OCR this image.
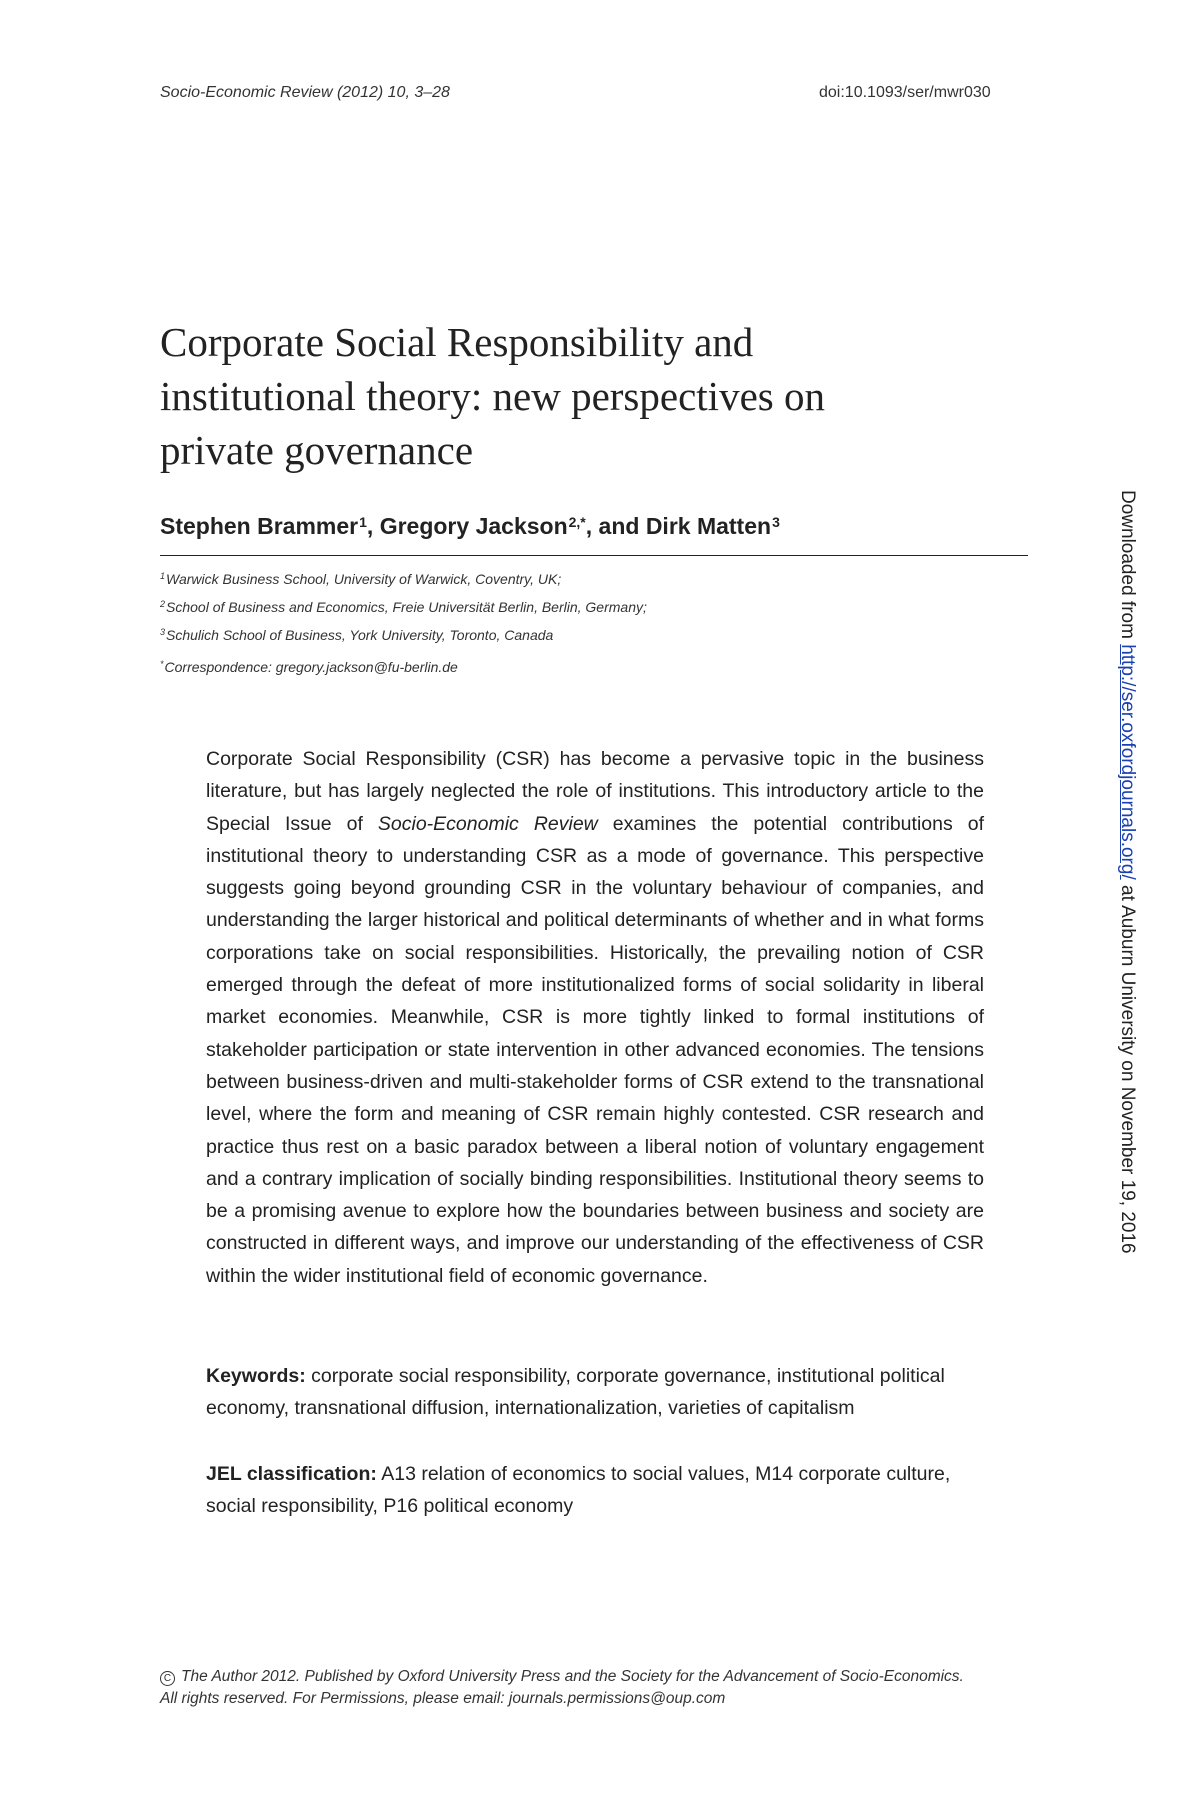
Socio-Economic Review (2012) 10, 3–28	doi:10.1093/ser/mwr030
Corporate Social Responsibility and
institutional theory: new perspectives on
private governance
Stephen Brammer$^1$, Gregory Jackson$^{2,*}$, and Dirk Matten$^3$
$^1$Warwick Business School, University of Warwick, Coventry, UK;
$^2$School of Business and Economics, Freie Universität Berlin, Berlin, Germany;
$^3$Schulich School of Business, York University, Toronto, Canada
*Correspondence: gregory.jackson@fu-berlin.de

Corporate Social Responsibility (CSR) has become a pervasive topic in the business literature, but has largely neglected the role of institutions. This introductory article to the Special Issue of Socio-Economic Review examines the potential contributions of institutional theory to understanding CSR as a mode of governance. This perspective suggests going beyond grounding CSR in the voluntary behaviour of companies, and understanding the larger historical and political determinants of whether and in what forms corporations take on social responsibilities. Historically, the prevailing notion of CSR emerged through the defeat of more institutionalized forms of social solidarity in liberal market economies. Meanwhile, CSR is more tightly linked to formal institutions of stakeholder participation or state intervention in other advanced economies. The tensions between business-driven and multi-stakeholder forms of CSR extend to the transnational level, where the form and meaning of CSR remain highly contested. CSR research and practice thus rest on a basic paradox between a liberal notion of voluntary engagement and a contrary implication of socially binding responsibilities. Institutional theory seems to be a promising avenue to explore how the boundaries between business and society are constructed in different ways, and improve our understanding of the effectiveness of CSR within the wider institutional field of economic governance.

Keywords: corporate social responsibility, corporate governance, institutional political economy, transnational diffusion, internationalization, varieties of capitalism

JEL classification: A13 relation of economics to social values, M14 corporate culture, social responsibility, P16 political economy

C The Author 2012. Published by Oxford University Press and the Society for the Advancement of Socio-Economics.
All rights reserved. For Permissions, please email: journals.permissions@oup.com
Downloaded from http://ser.oxfordjournals.org/ at Auburn University on November 19, 2016
